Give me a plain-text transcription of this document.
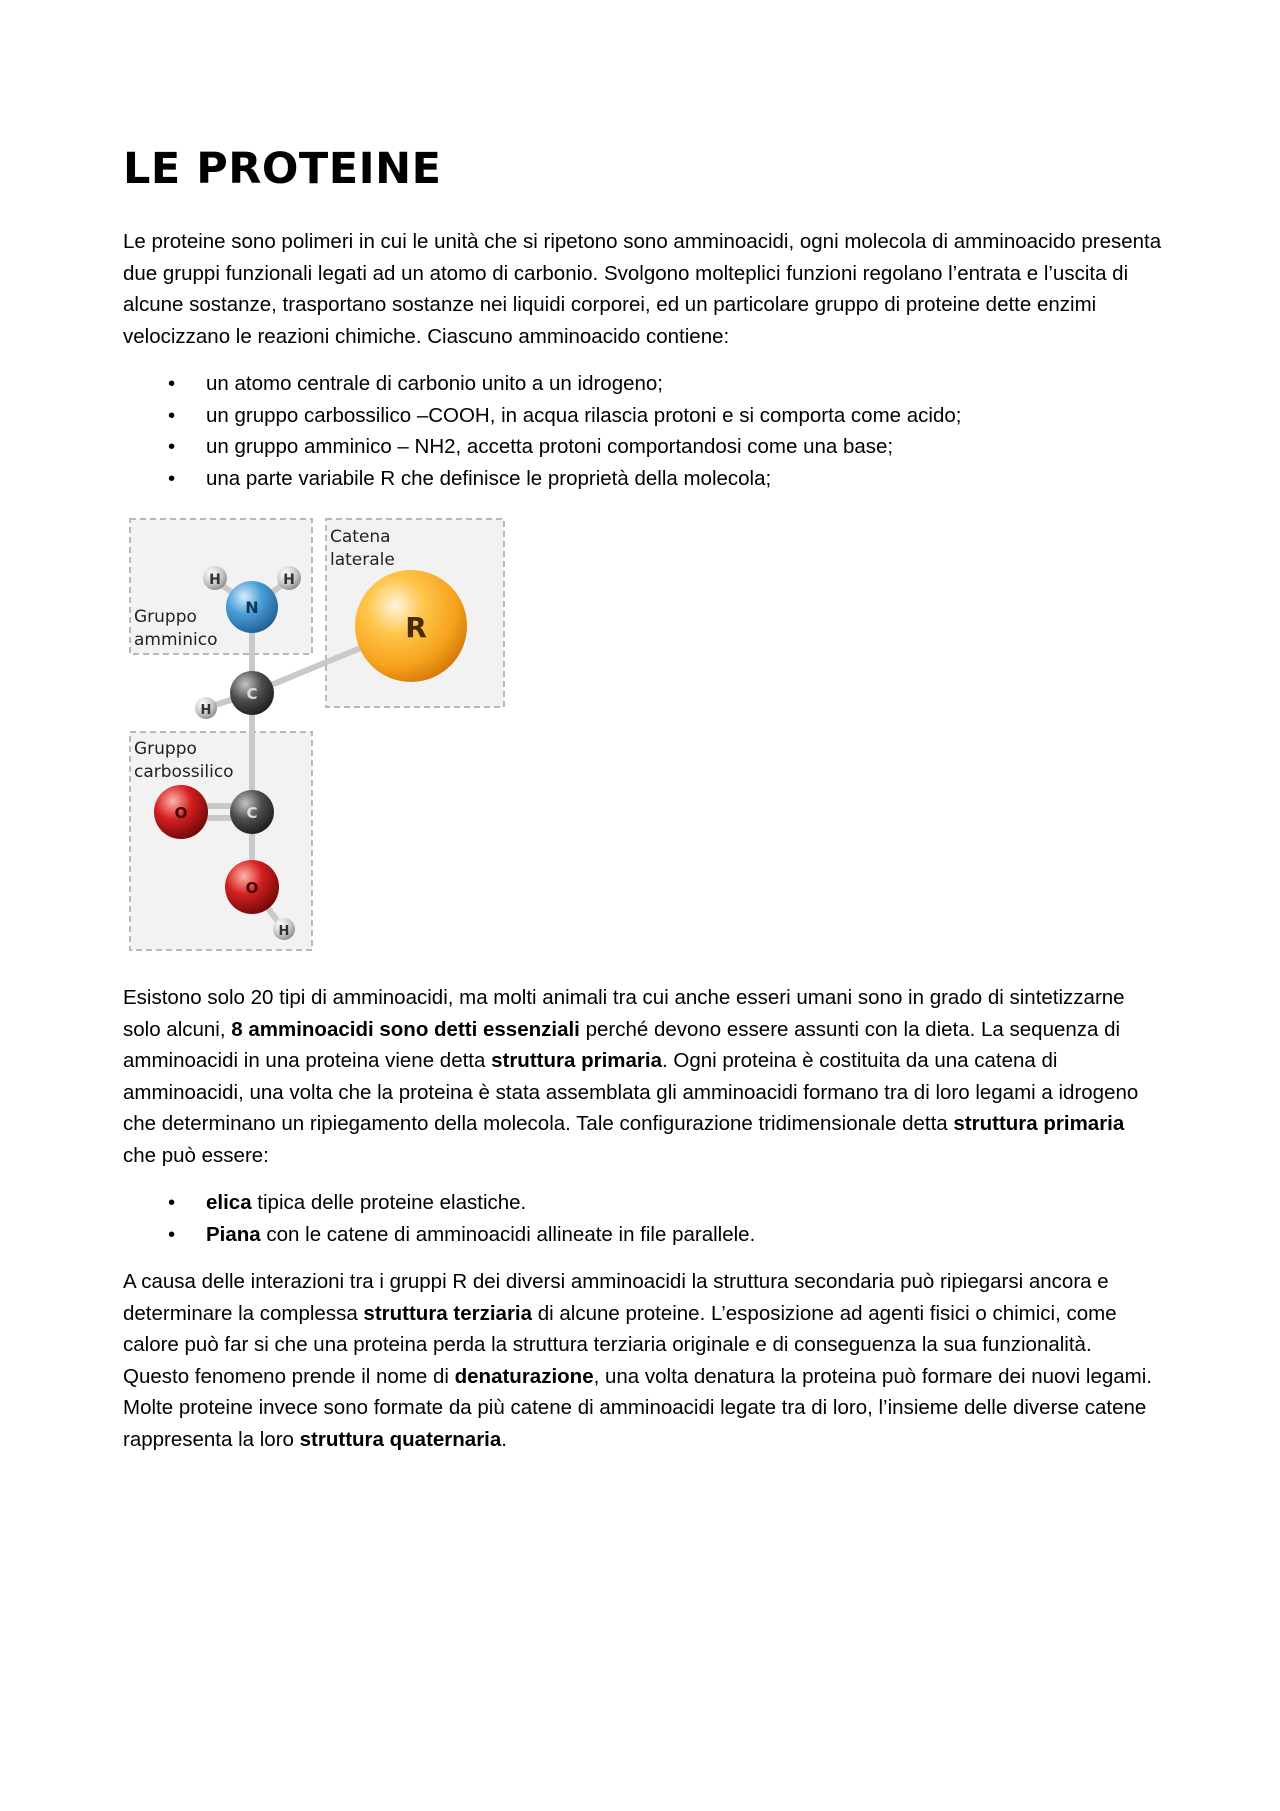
LE PROTEINE

Le proteine sono polimeri in cui le unità che si ripetono sono amminoacidi, ogni molecola di amminoacido presenta due gruppi funzionali legati ad un atomo di carbonio. Svolgono molteplici funzioni regolano l’entrata e l’uscita di alcune sostanze, trasportano sostanze nei liquidi corporei, ed un particolare gruppo di proteine dette enzimi velocizzano le reazioni chimiche. Ciascuno amminoacido contiene:

• un atomo centrale di carbonio unito a un idrogeno;
• un gruppo carbossilico –COOH, in acqua rilascia protoni e si comporta come acido;
• un gruppo amminico – NH2, accetta protoni comportandosi come una base;
• una parte variabile R che definisce le proprietà della molecola;
Gruppo
amminico
Catena
laterale
Gruppo
carbossilico
R
H	H
N
H
C
O	C
O
H

Esistono solo 20 tipi di amminoacidi, ma molti animali tra cui anche esseri umani sono in grado di sintetizzarne solo alcuni, 8 amminoacidi sono detti essenziali perché devono essere assunti con la dieta. La sequenza di amminoacidi in una proteina viene detta struttura primaria. Ogni proteina è costituita da una catena di amminoacidi, una volta che la proteina è stata assemblata gli amminoacidi formano tra di loro legami a idrogeno che determinano un ripiegamento della molecola. Tale configurazione tridimensionale detta struttura primaria che può essere:

• elica tipica delle proteine elastiche.
• Piana con le catene di amminoacidi allineate in file parallele.

A causa delle interazioni tra i gruppi R dei diversi amminoacidi la struttura secondaria può ripiegarsi ancora e determinare la complessa struttura terziaria di alcune proteine. L’esposizione ad agenti fisici o chimici, come calore può far si che una proteina perda la struttura terziaria originale e di conseguenza la sua funzionalità. Questo fenomeno prende il nome di denaturazione, una volta denatura la proteina può formare dei nuovi legami. Molte proteine invece sono formate da più catene di amminoacidi legate tra di loro, l’insieme delle diverse catene rappresenta la loro struttura quaternaria.
